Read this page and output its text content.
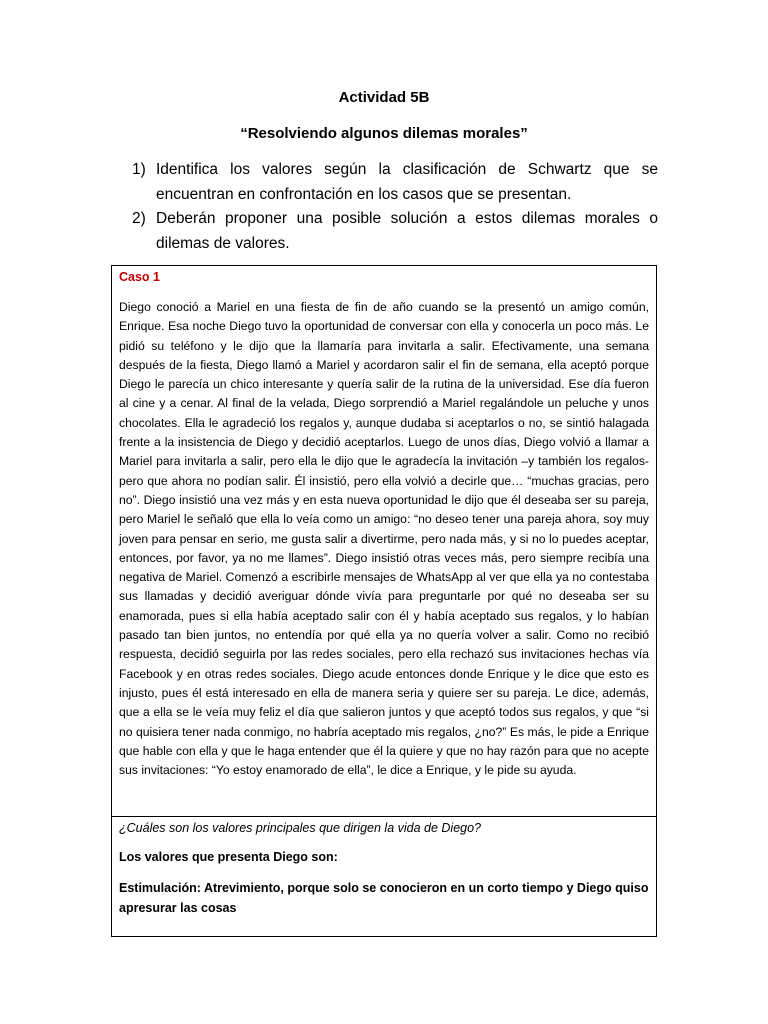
Actividad 5B
“Resolviendo algunos dilemas morales”
1) Identifica los valores según la clasificación de Schwartz que se encuentran en confrontación en los casos que se presentan.
2) Deberán proponer una posible solución a estos dilemas morales o dilemas de valores.
Caso 1

Diego conoció a Mariel en una fiesta de fin de año cuando se la presentó un amigo común, Enrique. Esa noche Diego tuvo la oportunidad de conversar con ella y conocerla un poco más. Le pidió su teléfono y le dijo que la llamaría para invitarla a salir. Efectivamente, una semana después de la fiesta, Diego llamó a Mariel y acordaron salir el fin de semana, ella aceptó porque Diego le parecía un chico interesante y quería salir de la rutina de la universidad. Ese día fueron al cine y a cenar. Al final de la velada, Diego sorprendió a Mariel regalándole un peluche y unos chocolates. Ella le agradeció los regalos y, aunque dudaba si aceptarlos o no, se sintió halagada frente a la insistencia de Diego y decidió aceptarlos. Luego de unos días, Diego volvió a llamar a Mariel para invitarla a salir, pero ella le dijo que le agradecía la invitación –y también los regalos-pero que ahora no podían salir. Él insistió, pero ella volvió a decirle que… “muchas gracias, pero no”. Diego insistió una vez más y en esta nueva oportunidad le dijo que él deseaba ser su pareja, pero Mariel le señaló que ella lo veía como un amigo: “no deseo tener una pareja ahora, soy muy joven para pensar en serio, me gusta salir a divertirme, pero nada más, y si no lo puedes aceptar, entonces, por favor, ya no me llames”. Diego insistió otras veces más, pero siempre recibía una negativa de Mariel. Comenzó a escribirle mensajes de WhatsApp al ver que ella ya no contestaba sus llamadas y decidió averiguar dónde vivía para preguntarle por qué no deseaba ser su enamorada, pues si ella había aceptado salir con él y había aceptado sus regalos, y lo habían pasado tan bien juntos, no entendía por qué ella ya no quería volver a salir. Como no recibió respuesta, decidió seguirla por las redes sociales, pero ella rechazó sus invitaciones hechas vía Facebook y en otras redes sociales. Diego acude entonces donde Enrique y le dice que esto es injusto, pues él está interesado en ella de manera seria y quiere ser su pareja. Le dice, además, que a ella se le veía muy feliz el día que salieron juntos y que aceptó todos sus regalos, y que “si no quisiera tener nada conmigo, no habría aceptado mis regalos, ¿no?” Es más, le pide a Enrique que hable con ella y que le haga entender que él la quiere y que no hay razón para que no acepte sus invitaciones: “Yo estoy enamorado de ella”, le dice a Enrique, y le pide su ayuda.

¿Cuáles son los valores principales que dirigen la vida de Diego?

Los valores que presenta Diego son:

Estimulación: Atrevimiento, porque solo se conocieron en un corto tiempo y Diego quiso apresurar las cosas
